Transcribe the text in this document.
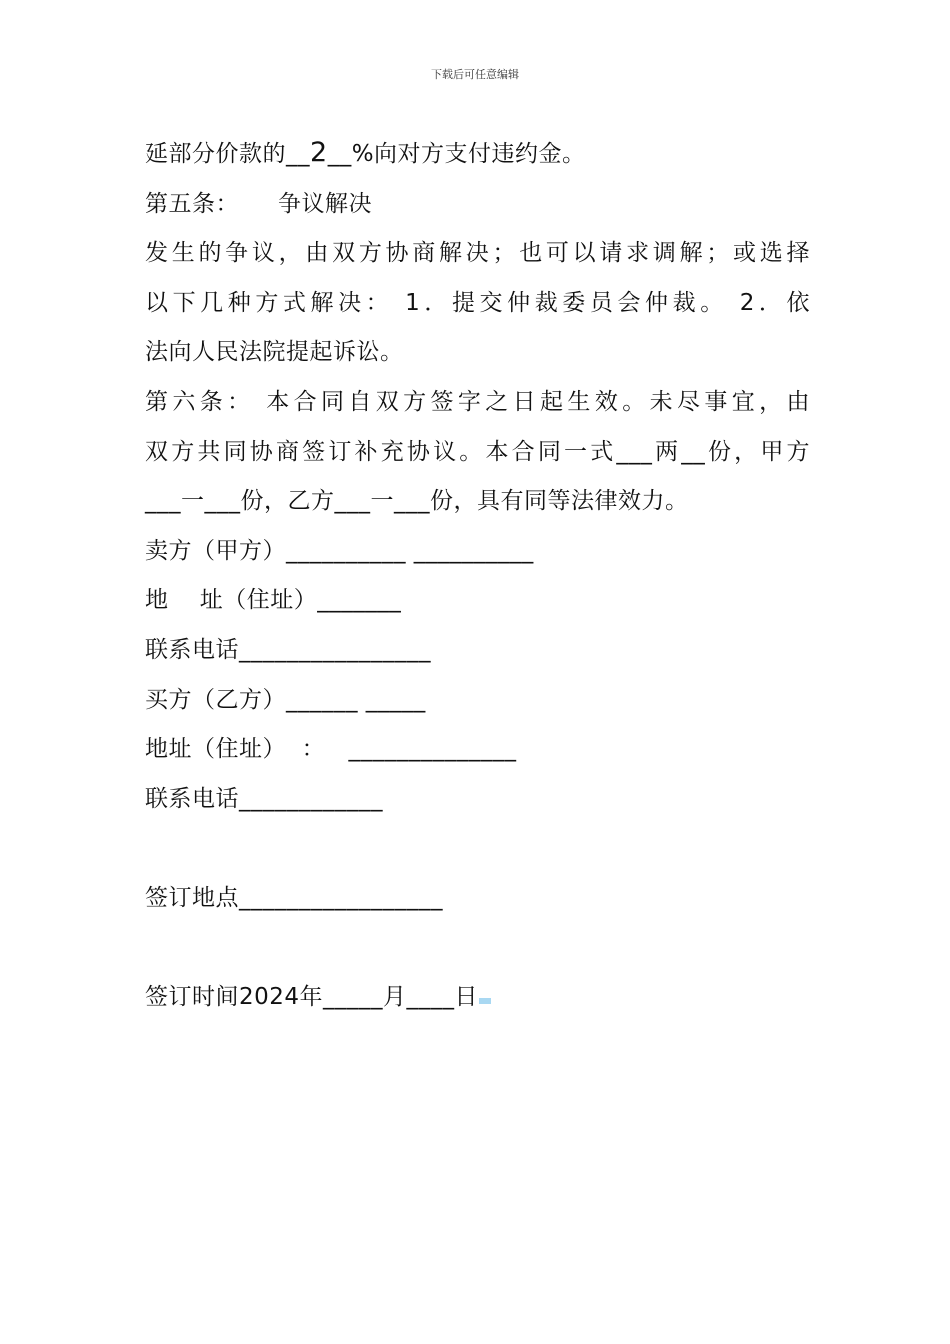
下载后可任意编辑
延部分价款的__2__%向对方支付违约金。
第五条：     争议解决
发生的争议，由双方协商解决；也可以请求调解；或选择
以下几种方式解决： 1．提交仲裁委员会仲裁。 2．依
法向人民法院提起诉讼。
第六条： 本合同自双方签字之日起生效。未尽事宜，由
双方共同协商签订补充协议。本合同一式___两__份，甲方
___一___份，乙方___一___份，具有同等法律效力。
卖方（甲方）__________ __________
地    址（住址）_______
联系电话________________
买方（乙方）______ _____
地址（住址）  ：   ______________
联系电话____________
签订地点_________________
签订时间2024年_____月____日
